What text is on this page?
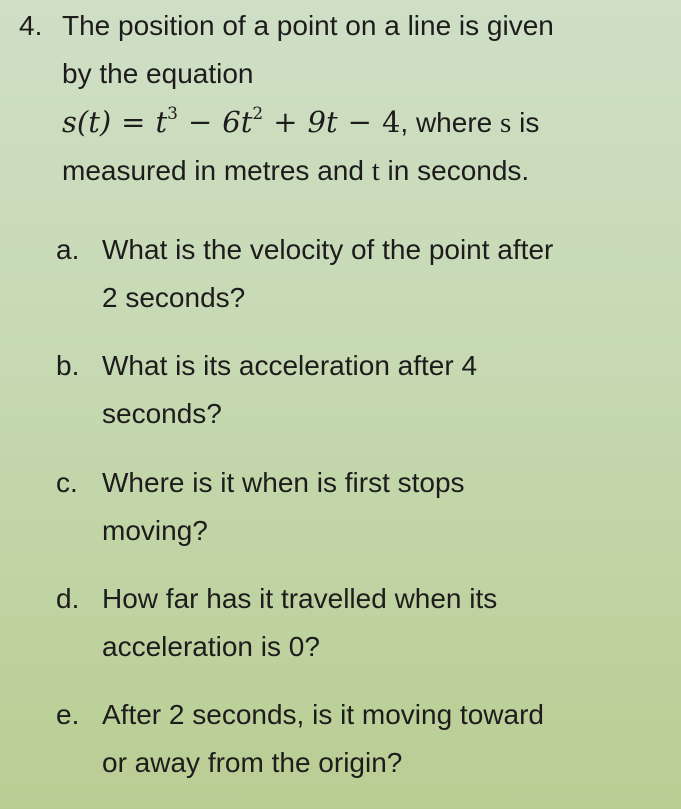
4. The position of a point on a line is given
by the equation
$s(t) = t^3 - 6t^2 + 9t - 4$, where s is
measured in metres and t in seconds.
a. What is the velocity of the point after
2 seconds?
b. What is its acceleration after 4
seconds?
c. Where is it when is first stops
moving?
d. How far has it travelled when its
acceleration is 0?
e. After 2 seconds, is it moving toward
or away from the origin?
